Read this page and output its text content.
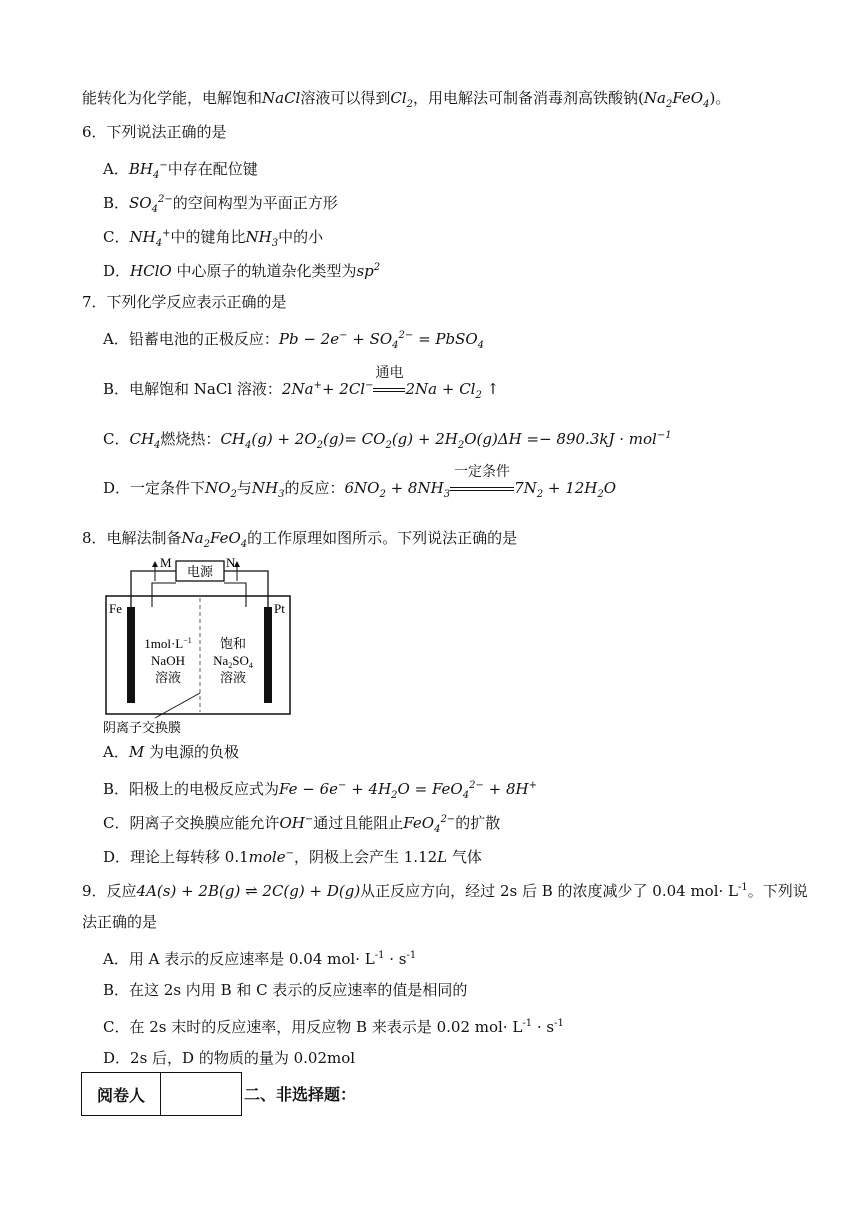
能转化为化学能，电解饱和NaCl溶液可以得到$Cl_2$，用电解法可制备消毒剂高铁酸钠$(Na_2FeO_4)$。
6．下列说法正确的是
A．$BH_4^-$中存在配位键
B．$SO_4^{2-}$的空间构型为平面正方形
C．$NH_4^+$中的键角比$NH_3$中的小
D．HClO 中心原子的轨道杂化类型为$sp^2$
7．下列化学反应表示正确的是
A．铅蓄电池的正极反应：$Pb - 2e^- + SO_4^{2-}$ = PbSO$_4$
B．电解饱和 NaCl 溶液：2Na++ 2Cl−
通电
$2Na + Cl_2$ ↑
C．$CH_4$燃烧热：$CH_4(g) + 2O_2(g)= CO_2(g) + 2H_2O(g)\Delta H =- 890.3kJ \cdot mol^{-1}$
D．一定条件下$NO_2$与$NH_3$的反应：$6NO_2 + 8NH_3$
一定条件
$7N_2 + 12H_2O$
8．电解法制备$Na_2FeO_4$的工作原理如图所示。下列说法正确的是
电源
M	N
Fe	Pt
$1mol\cdot L^{-1}$
NaOH
溶液
饱和
$Na_2SO_4$
溶液
阴离子交换膜
A．M 为电源的负极
B．阳极上的电极反应式为$Fe - 6e^- + 4H_2O = FeO_4^{2-} + 8H^+$
C．阴离子交换膜应能允许OH−通过且能阻止FeO$_4^{2-}$的扩散
D．理论上每转移 0.1mole−，阴极上会产生 1.12L 气体
9．反应4A(s) + 2B(g) ⇌ 2C(g) + D(g)从正反应方向，经过 2s 后 B 的浓度减少了 0.04 $mol\cdot L^{-1}$。下列说
法正确的是
A．用 A 表示的反应速率是 0.04 $mol\cdot L^{-1} \cdot s^{-1}$
B．在这 2s 内用 B 和 C 表示的反应速率的值是相同的
C．在 2s 末时的反应速率，用反应物 B 来表示是 0.02 $mol\cdot L^{-1} \cdot s^{-1}$
D．2s 后，D 的物质的量为 0.02mol
阅卷人		二、非选择题：
